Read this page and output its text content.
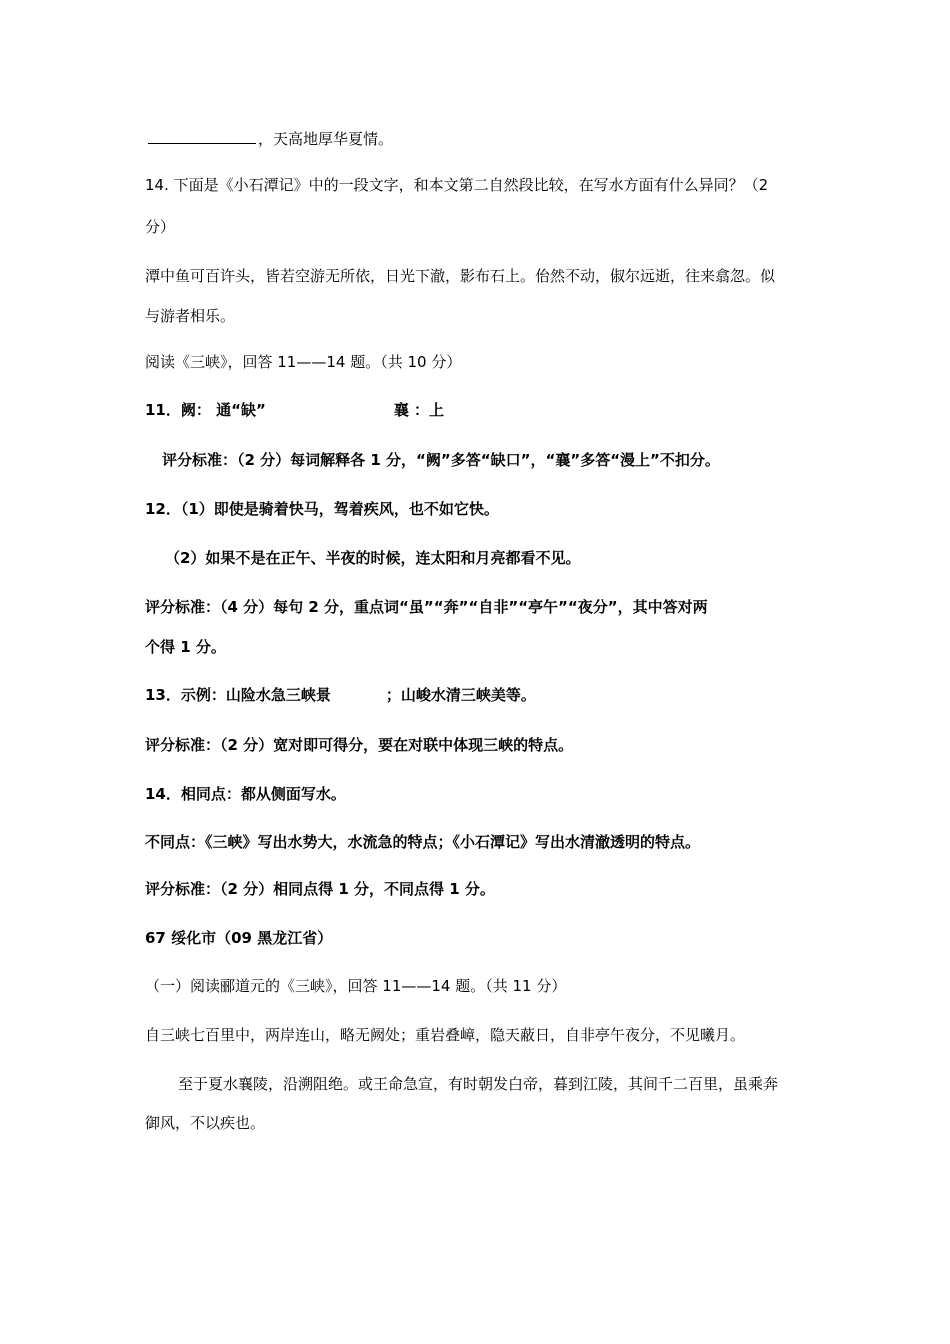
，天高地厚华夏情。
14. 下面是《小石潭记》中的一段文字，和本文第二自然段比较，在写水方面有什么异同？（2
分）
潭中鱼可百许头，皆若空游无所依，日光下澈，影布石上。佁然不动，俶尔远逝，往来翕忽。似
与游者相乐。
阅读《三峡》，回答 11——14 题。（共 10 分）
11．阙： 通“缺”	襄 ：上
评分标准：（2 分）每词解释各 1 分，“阙”多答“缺口”，“襄”多答“漫上”不扣分。
12．（1）即使是骑着快马，驾着疾风，也不如它快。
（2）如果不是在正午、半夜的时候，连太阳和月亮都看不见。
评分标准：（4 分）每句 2 分，重点词“虽”“奔”“自非”“亭午”“夜分”，其中答对两
个得 1 分。
13．示例：山险水急三峡景	；山峻水清三峡美等。
评分标准：（2 分）宽对即可得分，要在对联中体现三峡的特点。
14．相同点：都从侧面写水。
不同点：《三峡》写出水势大，水流急的特点；《小石潭记》写出水清澈透明的特点。
评分标准：（2 分）相同点得 1 分，不同点得 1 分。
67 绥化市（09 黑龙江省）
（一）阅读郦道元的《三峡》，回答 11——14 题。（共 11 分）
自三峡七百里中，两岸连山，略无阙处；重岩叠嶂，隐天蔽日，自非亭午夜分，不见曦月。
至于夏水襄陵，沿溯阻绝。或王命急宣，有时朝发白帝，暮到江陵，其间千二百里，虽乘奔
御风，不以疾也。
